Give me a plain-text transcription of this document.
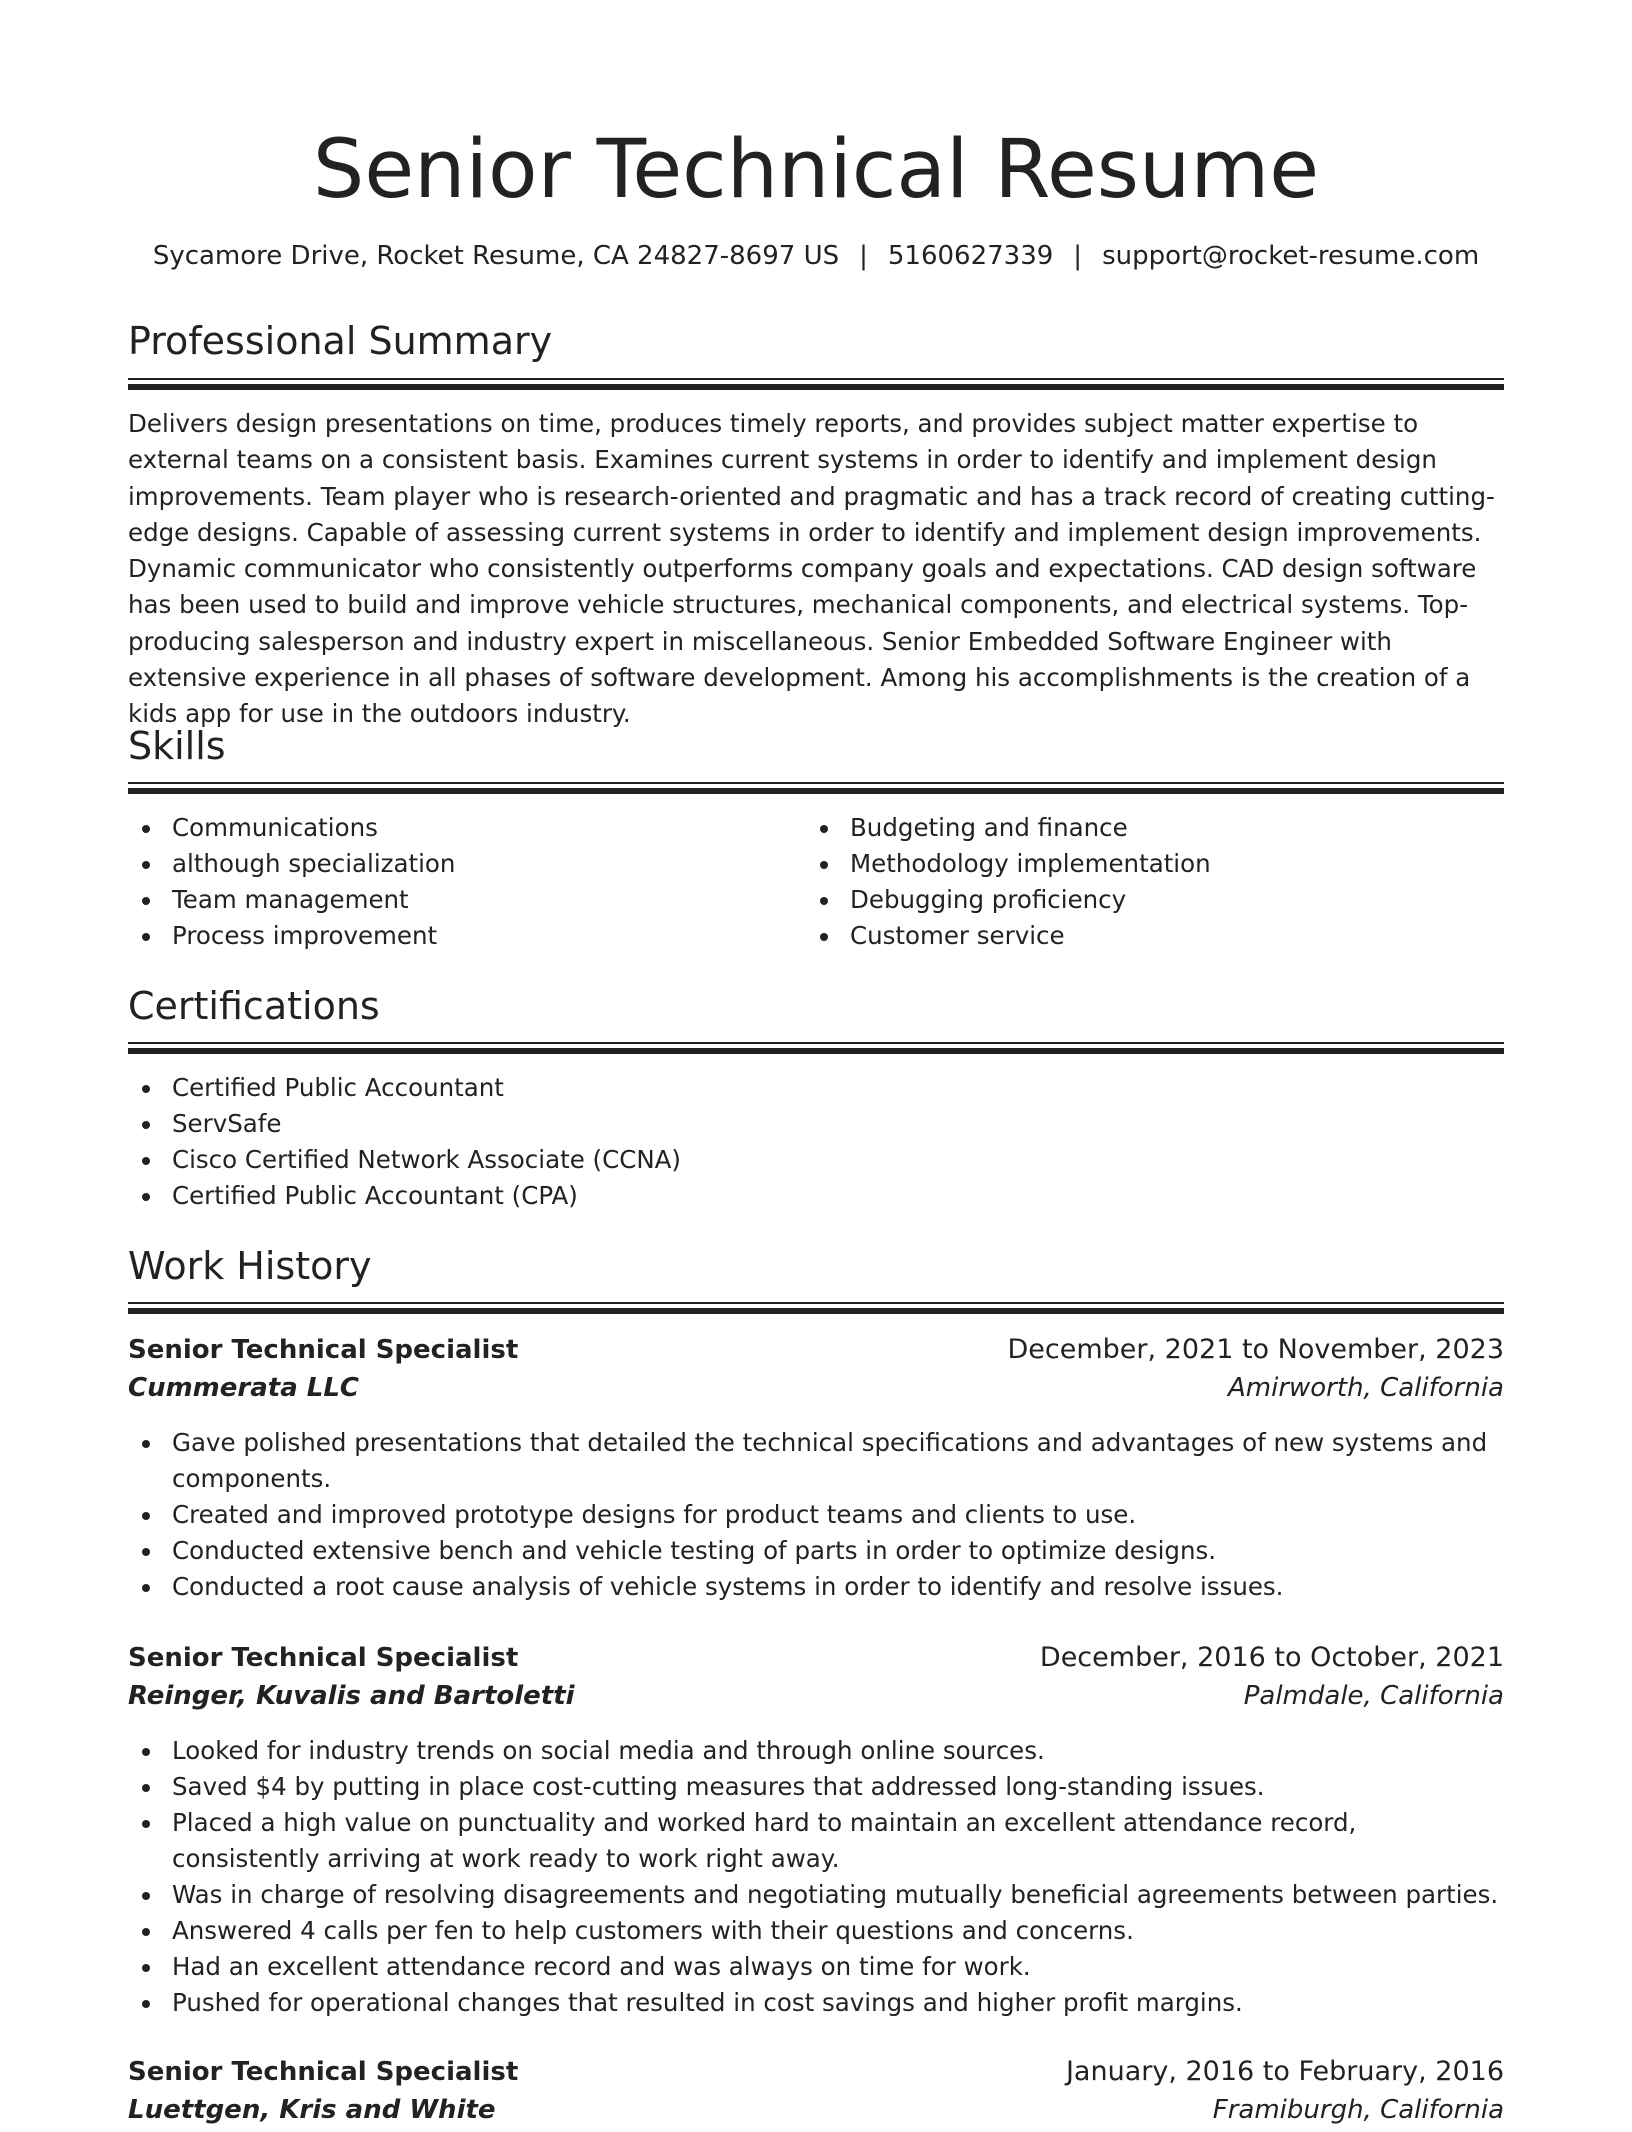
Senior Technical Resume
Sycamore Drive, Rocket Resume, CA 24827-8697 US | 5160627339 | support@rocket-resume.com
Professional Summary

Delivers design presentations on time, produces timely reports, and provides subject matter expertise to external teams on a consistent basis. Examines current systems in order to identify and implement design improvements. Team player who is research-oriented and pragmatic and has a track record of creating cutting-edge designs. Capable of assessing current systems in order to identify and implement design improvements. Dynamic communicator who consistently outperforms company goals and expectations. CAD design software has been used to build and improve vehicle structures, mechanical components, and electrical systems. Top-producing salesperson and industry expert in miscellaneous. Senior Embedded Software Engineer with extensive experience in all phases of software development. Among his accomplishments is the creation of a kids app for use in the outdoors industry.

Skills
Communications
although specialization
Team management
Process improvement
Budgeting and finance
Methodology implementation
Debugging proficiency
Customer service
Certifications
Certified Public Accountant
ServSafe
Cisco Certified Network Associate (CCNA)
Certified Public Accountant (CPA)
Work History
Senior Technical Specialist	December, 2021 to November, 2023
Cummerata LLC	Amirworth, California
Gave polished presentations that detailed the technical specifications and advantages of new systems and components.
Created and improved prototype designs for product teams and clients to use.
Conducted extensive bench and vehicle testing of parts in order to optimize designs.
Conducted a root cause analysis of vehicle systems in order to identify and resolve issues.
Senior Technical Specialist	December, 2016 to October, 2021
Reinger, Kuvalis and Bartoletti	Palmdale, California
Looked for industry trends on social media and through online sources.
Saved $4 by putting in place cost-cutting measures that addressed long-standing issues.
Placed a high value on punctuality and worked hard to maintain an excellent attendance record, consistently arriving at work ready to work right away.
Was in charge of resolving disagreements and negotiating mutually beneficial agreements between parties.
Answered 4 calls per fen to help customers with their questions and concerns.
Had an excellent attendance record and was always on time for work.
Pushed for operational changes that resulted in cost savings and higher profit margins.
Senior Technical Specialist	January, 2016 to February, 2016
Luettgen, Kris and White	Framiburgh, California
